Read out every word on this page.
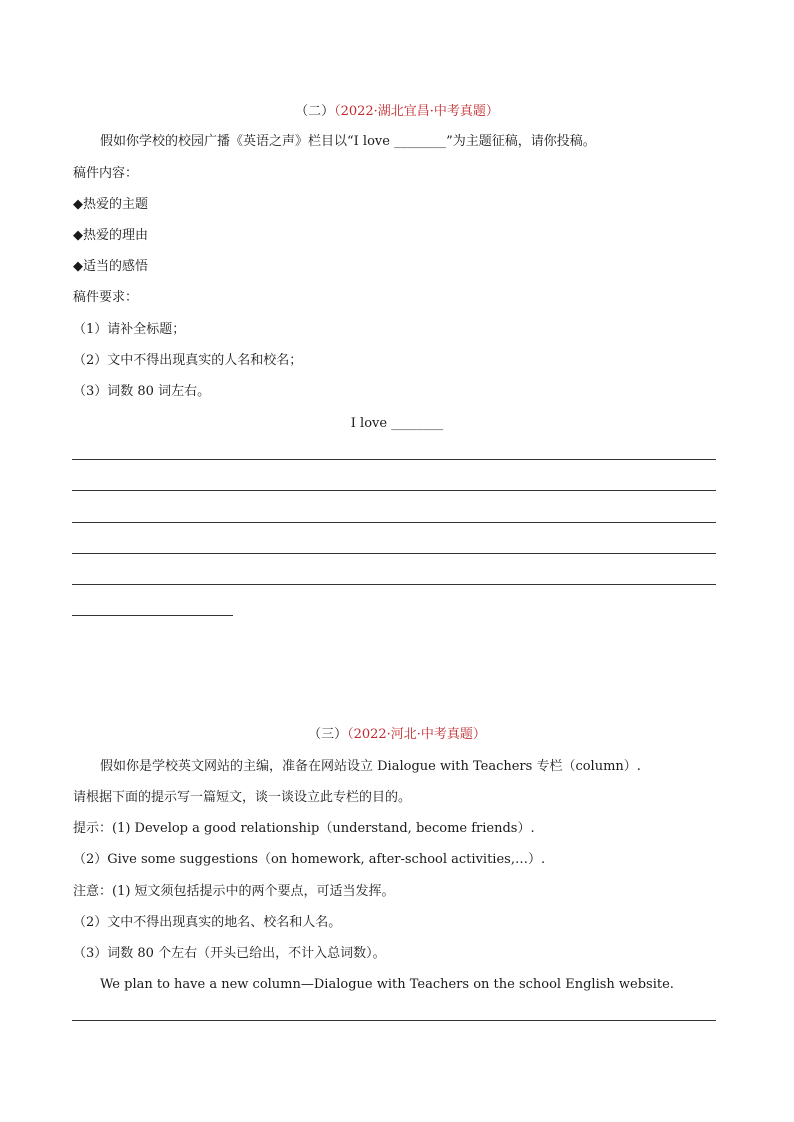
（二）（2022·湖北宜昌·中考真题）
假如你学校的校园广播《英语之声》栏目以“I love ________”为主题征稿，请你投稿。
稿件内容：
◆热爱的主题
◆热爱的理由
◆适当的感悟
稿件要求：
（1）请补全标题；
（2）文中不得出现真实的人名和校名；
（3）词数 80 词左右。
I love ________
（三）（2022·河北·中考真题）
假如你是学校英文网站的主编，准备在网站设立 Dialogue with Teachers 专栏（column）.
请根据下面的提示写一篇短文，谈一谈设立此专栏的目的。
提示：(1) Develop a good relationship（understand, become friends）.
（2）Give some suggestions（on homework, after-school activities,…）.
注意：(1) 短文须包括提示中的两个要点，可适当发挥。
（2）文中不得出现真实的地名、校名和人名。
（3）词数 80 个左右（开头已给出，不计入总词数）。
We plan to have a new column—Dialogue with Teachers on the school English website.
